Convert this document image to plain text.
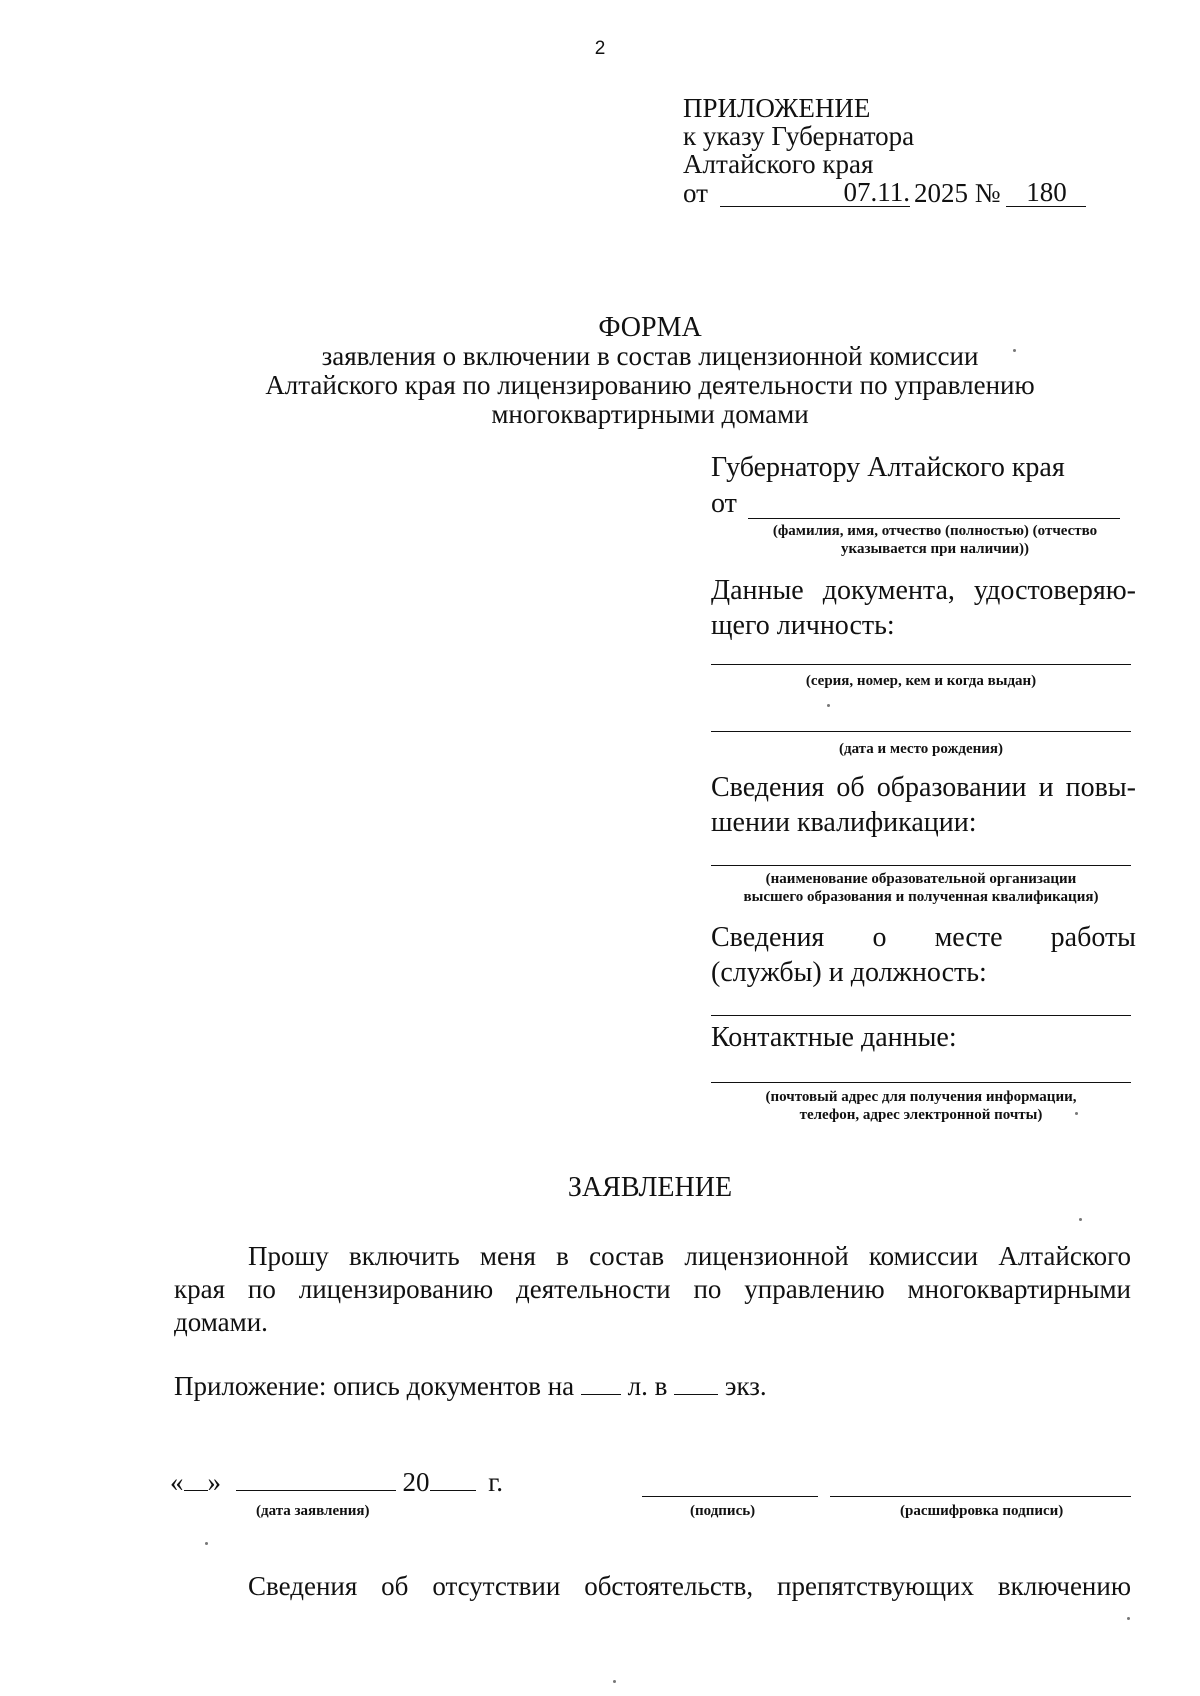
2
ПРИЛОЖЕНИЕ
к указу Губернатора
Алтайского края
от	07.11. 2025 № 180
ФОРМА
заявления о включении в состав лицензионной комиссии
Алтайского края по лицензированию деятельности по управлению
многоквартирными домами
Губернатору Алтайского края
от
(фамилия, имя, отчество (полностью) (отчество
указывается при наличии))
Данные документа, удостоверяю-
щего личность:
(серия, номер, кем и когда выдан)
(дата и место рождения)
Сведения об образовании и повы-
шении квалификации:
(наименование образовательной организации
высшего образования и полученная квалификация)
Сведения о месте работы
(службы) и должность:
Контактные данные:
(почтовый адрес для получения информации,
телефон, адрес электронной почты)
ЗАЯВЛЕНИЕ
Прошу включить меня в состав лицензионной комиссии Алтайского
края по лицензированию деятельности по управлению многоквартирными
домами.
Приложение: опись документов на л. в экз.
« »	20 г.
(дата заявления)	(подпись)	(расшифровка подписи)
Сведения об отсутствии обстоятельств, препятствующих включению
